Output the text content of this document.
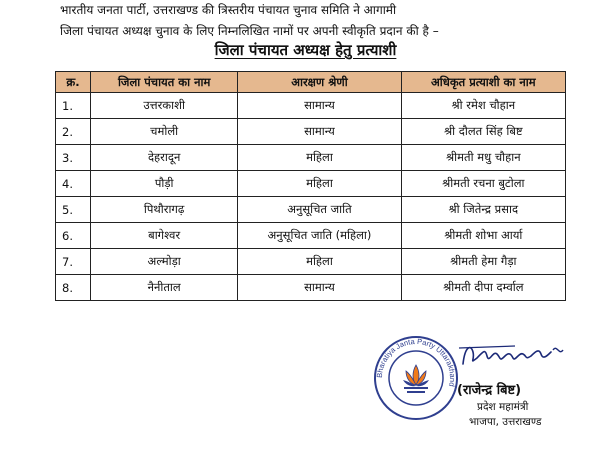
भारतीय जनता पार्टी, उत्तराखण्ड की त्रिस्तरीय पंचायत चुनाव समिति ने आगामी

जिला पंचायत अध्यक्ष चुनाव के लिए निम्नलिखित नामों पर अपनी स्वीकृति प्रदान की है –

जिला पंचायत अध्यक्ष हेतु प्रत्याशी
क्र.	जिला पंचायत का नाम	आरक्षण श्रेणी	अधिकृत प्रत्याशी का नाम
1.	उत्तरकाशी	सामान्य	श्री रमेश चौहान
2.	चमोली	सामान्य	श्री दौलत सिंह बिष्ट
3.	देहरादून	महिला	श्रीमती मधु चौहान
4.	पौड़ी	महिला	श्रीमती रचना बुटोला
5.	पिथौरागढ़	अनुसूचित जाति	श्री जितेन्द्र प्रसाद
6.	बागेश्वर	अनुसूचित जाति (महिला)	श्रीमती शोभा आर्या
7.	अल्मोड़ा	महिला	श्रीमती हेमा गैड़ा
8.	नैनीताल	सामान्य	श्रीमती दीपा दर्म्वाल
Bharatiya Janta Party Uttarakhand (राजेन्द्र बिष्ट)
प्रदेश महामंत्री
भाजपा, उत्तराखण्ड
